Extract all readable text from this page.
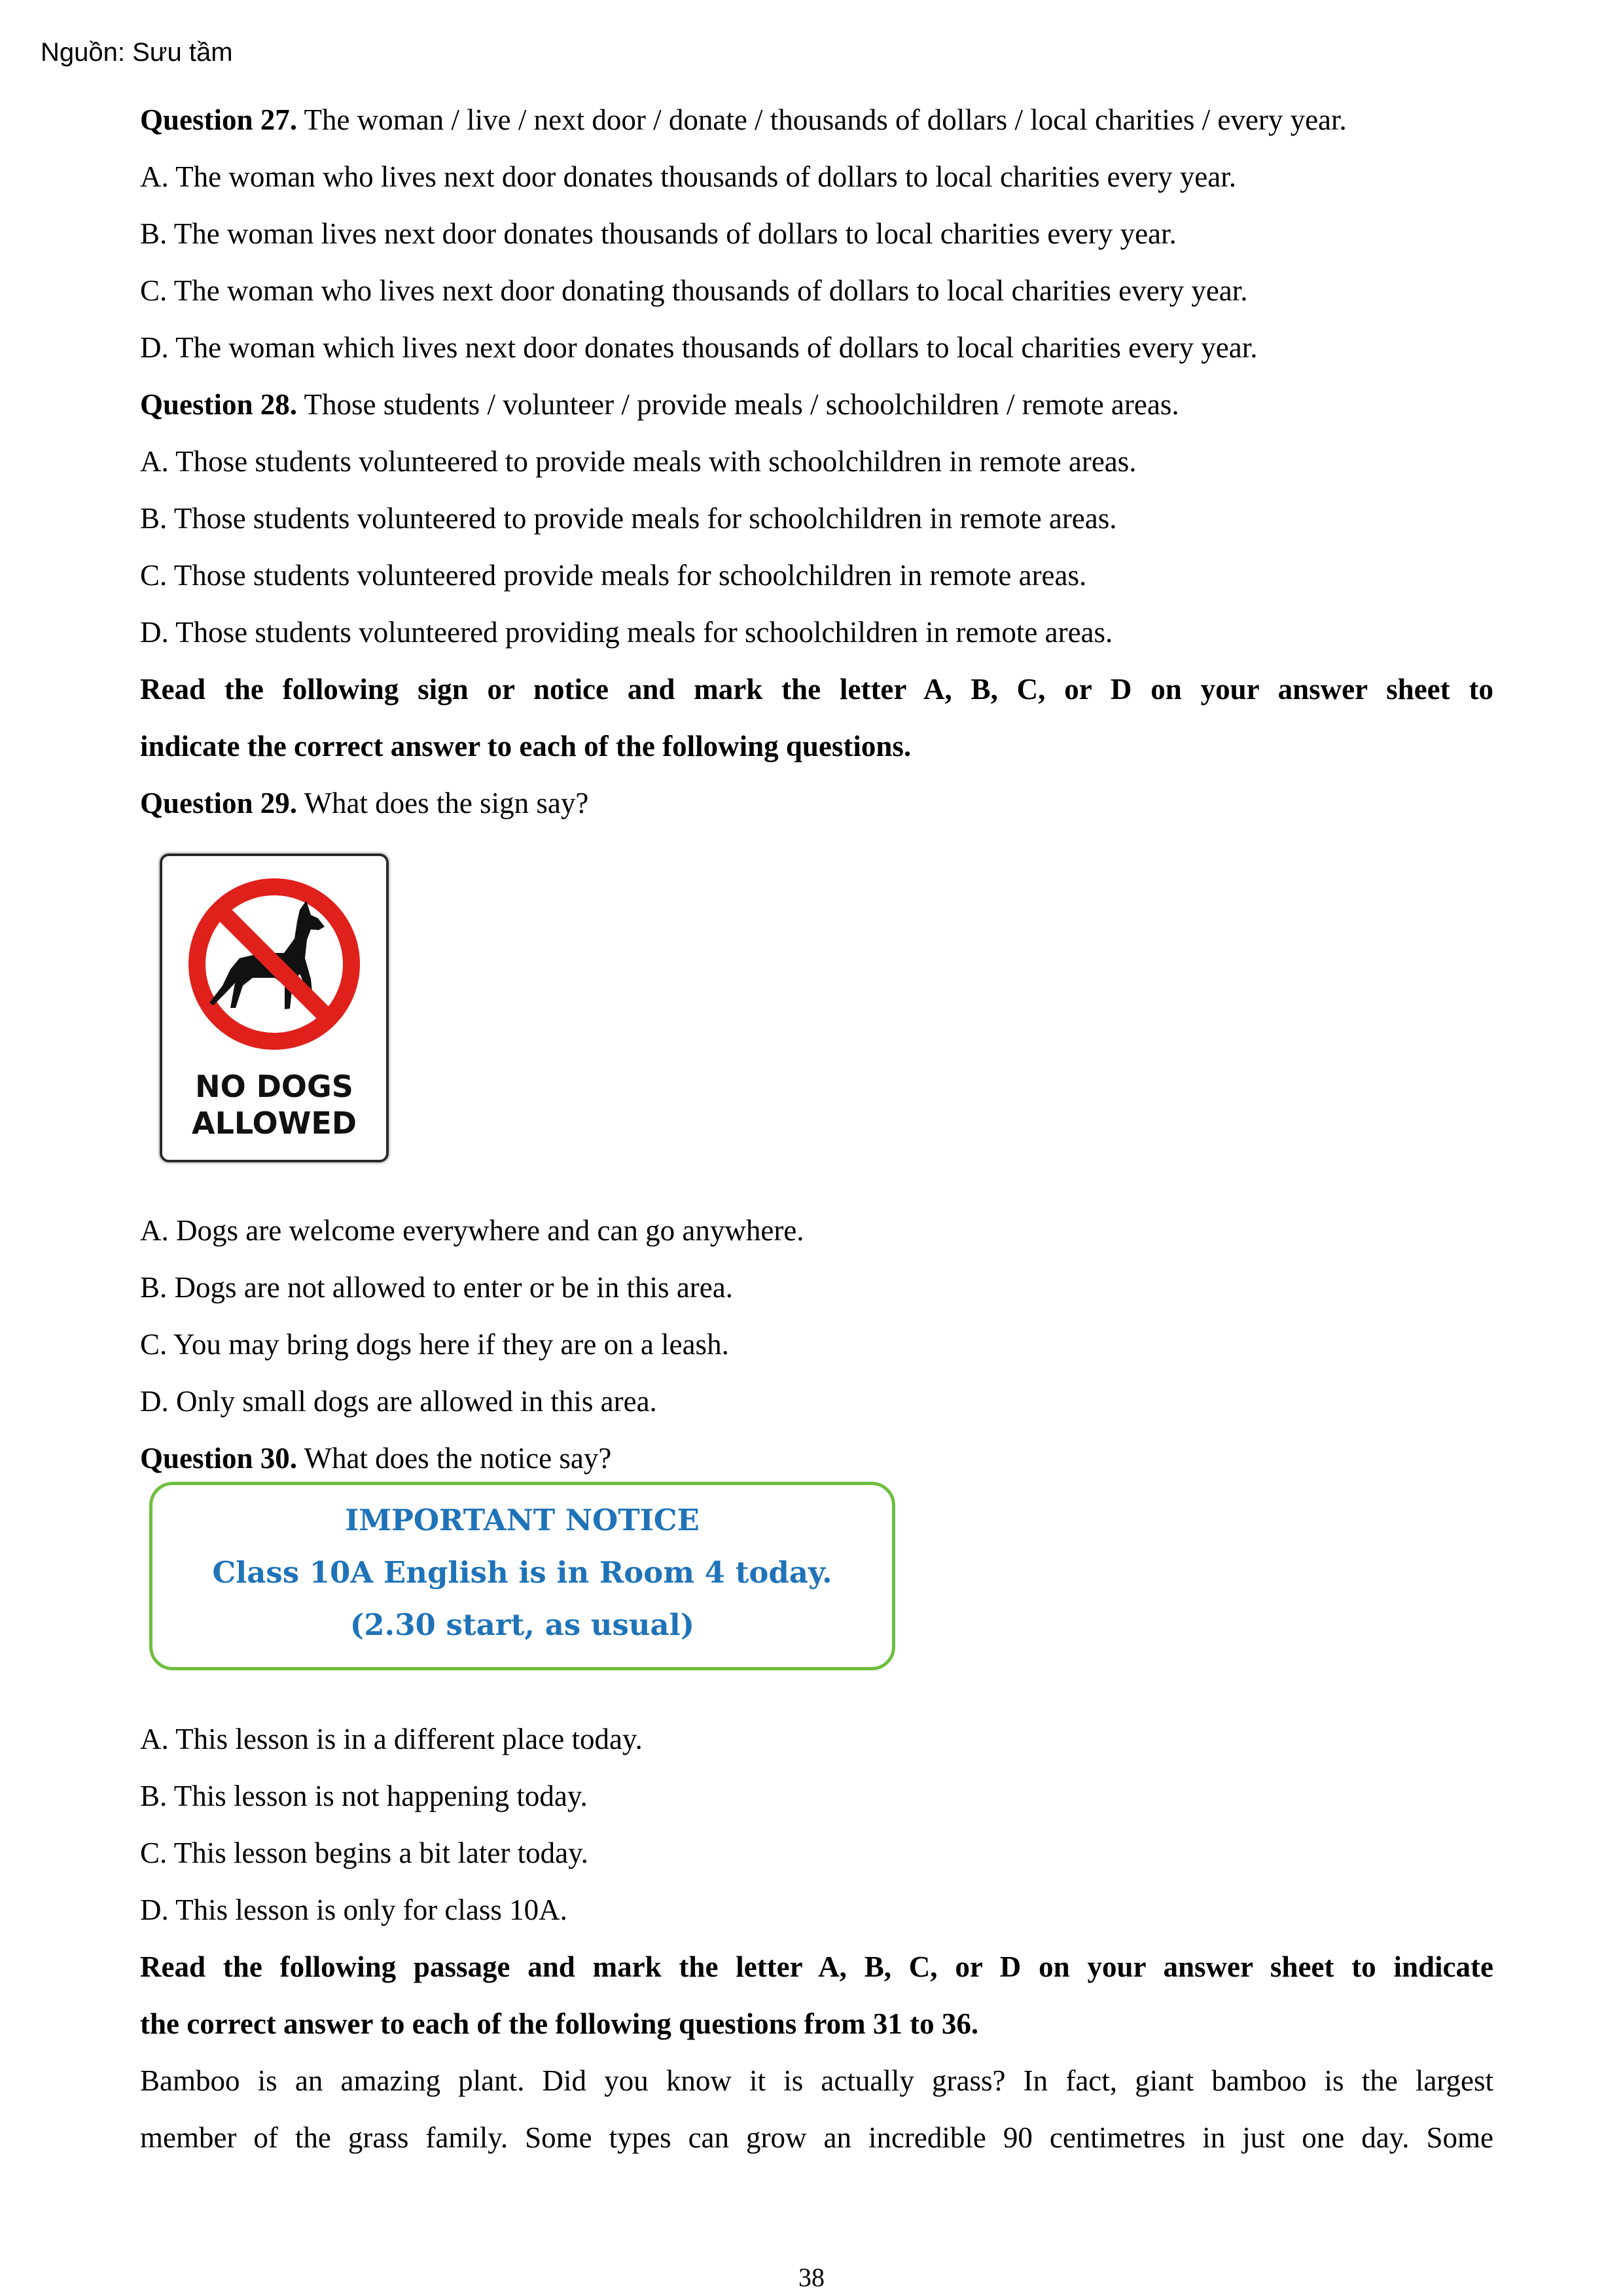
Nguồn: Sưu tầm
Question 27. The woman / live / next door / donate / thousands of dollars / local charities / every year.
A. The woman who lives next door donates thousands of dollars to local charities every year.
B. The woman lives next door donates thousands of dollars to local charities every year.
C. The woman who lives next door donating thousands of dollars to local charities every year.
D. The woman which lives next door donates thousands of dollars to local charities every year.
Question 28. Those students / volunteer / provide meals / schoolchildren / remote areas.
A. Those students volunteered to provide meals with schoolchildren in remote areas.
B. Those students volunteered to provide meals for schoolchildren in remote areas.
C. Those students volunteered provide meals for schoolchildren in remote areas.
D. Those students volunteered providing meals for schoolchildren in remote areas.
Read the following sign or notice and mark the letter A, B, C, or D on your answer sheet to
indicate the correct answer to each of the following questions.
Question 29. What does the sign say?
A. Dogs are welcome everywhere and can go anywhere.
B. Dogs are not allowed to enter or be in this area.
C. You may bring dogs here if they are on a leash.
D. Only small dogs are allowed in this area.
Question 30. What does the notice say?
A. This lesson is in a different place today.
B. This lesson is not happening today.
C. This lesson begins a bit later today.
D. This lesson is only for class 10A.
Read the following passage and mark the letter A, B, C, or D on your answer sheet to indicate
the correct answer to each of the following questions from 31 to 36.
Bamboo is an amazing plant. Did you know it is actually grass? In fact, giant bamboo is the largest
member of the grass family. Some types can grow an incredible 90 centimetres in just one day. Some
NO DOGS
ALLOWED
IMPORTANT NOTICE
Class 10A English is in Room 4 today.
(2.30 start, as usual)
38
